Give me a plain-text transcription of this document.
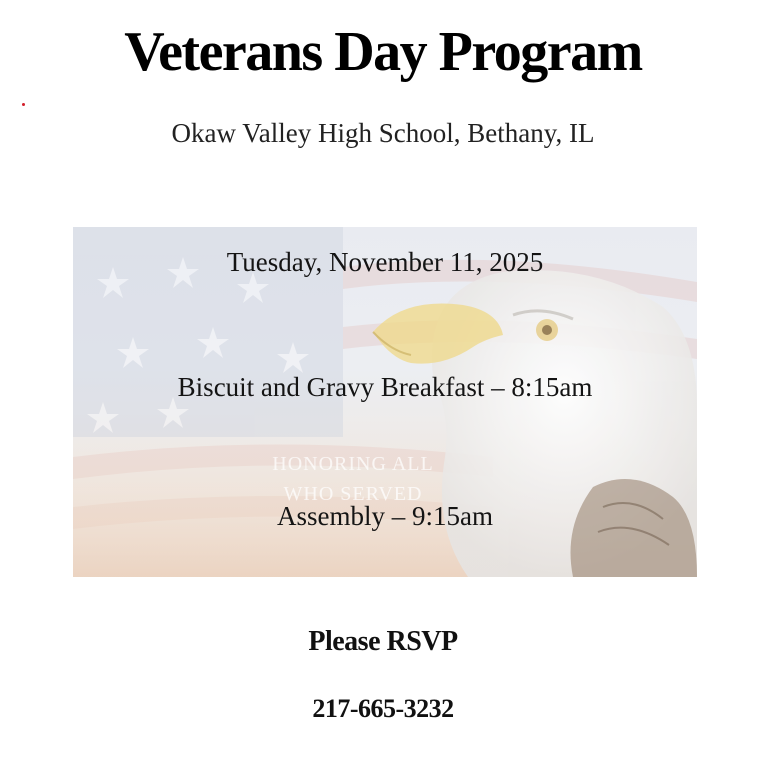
Veterans Day Program
Okaw Valley High School, Bethany, IL
HONORING ALL
WHO SERVED
Tuesday, November 11, 2025
Biscuit and Gravy Breakfast – 8:15am
Assembly – 9:15am
Please RSVP
217-665-3232
